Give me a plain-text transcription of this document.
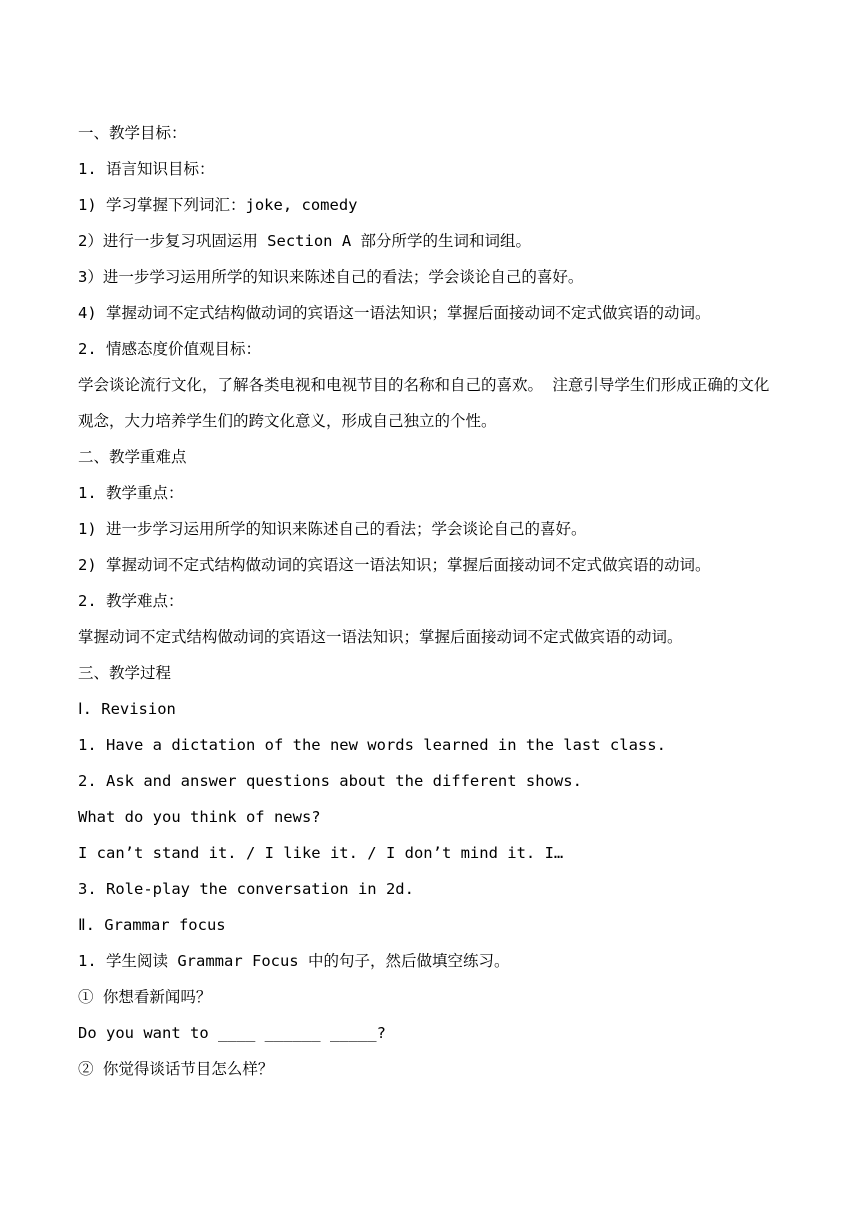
一、教学目标：
1. 语言知识目标：
1) 学习掌握下列词汇：joke, comedy
2）进行一步复习巩固运用 Section A 部分所学的生词和词组。
3）进一步学习运用所学的知识来陈述自己的看法；学会谈论自己的喜好。
4) 掌握动词不定式结构做动词的宾语这一语法知识；掌握后面接动词不定式做宾语的动词。
2. 情感态度价值观目标：
学会谈论流行文化，了解各类电视和电视节目的名称和自己的喜欢。 注意引导学生们形成正确的文化观念，大力培养学生们的跨文化意义，形成自己独立的个性。
二、教学重难点
1. 教学重点：
1) 进一步学习运用所学的知识来陈述自己的看法；学会谈论自己的喜好。
2) 掌握动词不定式结构做动词的宾语这一语法知识；掌握后面接动词不定式做宾语的动词。
2. 教学难点：
掌握动词不定式结构做动词的宾语这一语法知识；掌握后面接动词不定式做宾语的动词。
三、教学过程
Ⅰ. Revision
1. Have a dictation of the new words learned in the last class.
2. Ask and answer questions about the different shows.
What do you think of news?
I can’t stand it. / I like it. / I don’t mind it. I…
3. Role-play the conversation in 2d.
Ⅱ. Grammar focus
1. 学生阅读 Grammar Focus 中的句子，然后做填空练习。
① 你想看新闻吗？
Do you want to ____ ______ _____?
② 你觉得谈话节目怎么样？
